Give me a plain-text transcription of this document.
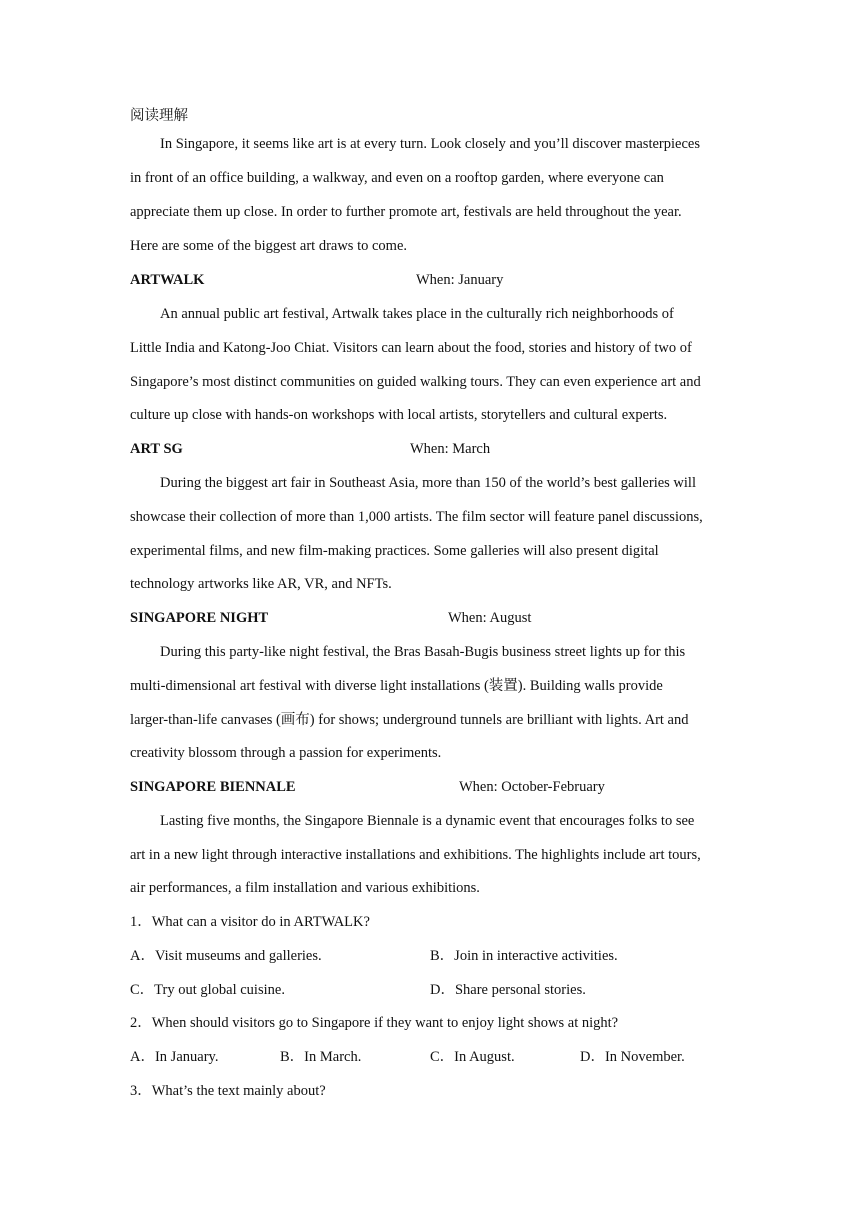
阅读理解
In Singapore, it seems like art is at every turn. Look closely and you’ll discover masterpieces
in front of an office building, a walkway, and even on a rooftop garden, where everyone can
appreciate them up close. In order to further promote art, festivals are held throughout the year.
Here are some of the biggest art draws to come.
ARTWALK	When: January
An annual public art festival, Artwalk takes place in the culturally rich neighborhoods of
Little India and Katong-Joo Chiat. Visitors can learn about the food, stories and history of two of
Singapore’s most distinct communities on guided walking tours. They can even experience art and
culture up close with hands-on workshops with local artists, storytellers and cultural experts.
ART SG	When: March
During the biggest art fair in Southeast Asia, more than 150 of the world’s best galleries will
showcase their collection of more than 1,000 artists. The film sector will feature panel discussions,
experimental films, and new film-making practices. Some galleries will also present digital
technology artworks like AR, VR, and NFTs.
SINGAPORE NIGHT	When: August
During this party-like night festival, the Bras Basah-Bugis business street lights up for this
multi-dimensional art festival with diverse light installations (装置). Building walls provide
larger-than-life canvases (画布) for shows; underground tunnels are brilliant with lights. Art and
creativity blossom through a passion for experiments.
SINGAPORE BIENNALE	When: October-February
Lasting five months, the Singapore Biennale is a dynamic event that encourages folks to see
art in a new light through interactive installations and exhibitions. The highlights include art tours,
air performances, a film installation and various exhibitions.
1．What can a visitor do in ARTWALK?
A．Visit museums and galleries.	B．Join in interactive activities.
C．Try out global cuisine.	D．Share personal stories.
2．When should visitors go to Singapore if they want to enjoy light shows at night?
A．In January.	B．In March.	C．In August.	D．In November.
3．What’s the text mainly about?
